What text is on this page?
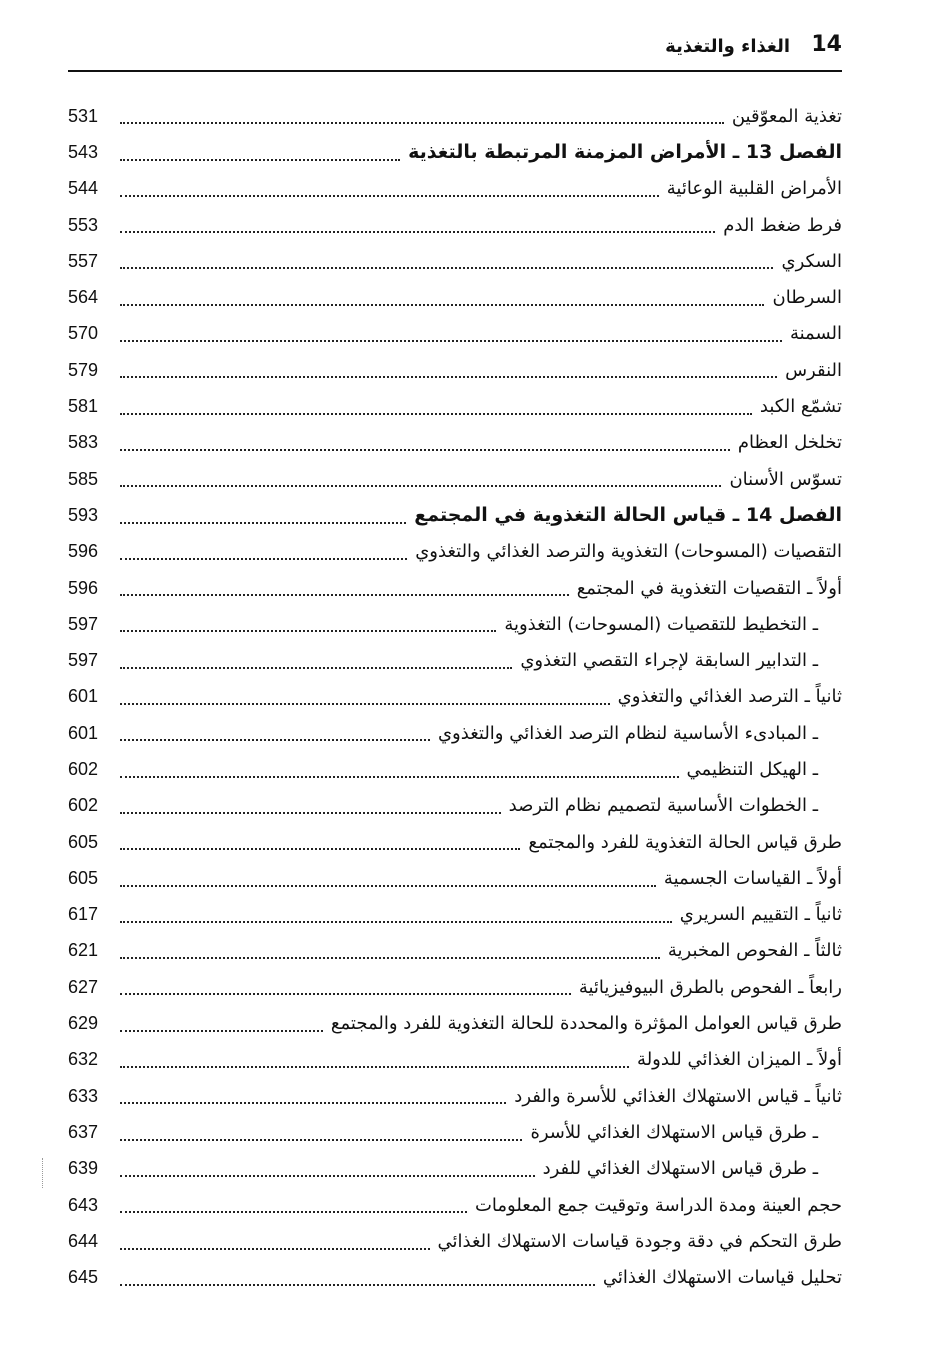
14
الغذاء والتغذية
تغذية المعوّقين
531
الفصل 13 ـ الأمراض المزمنة المرتبطة بالتغذية
543
الأمراض القلبية الوعائية
544
فرط ضغط الدم
553
السكري
557
السرطان
564
السمنة
570
النقرس
579
تشمّع الكبد
581
تخلخل العظام
583
تسوّس الأسنان
585
الفصل 14 ـ قياس الحالة التغذوية في المجتمع
593
التقصيات (المسوحات) التغذوية والترصد الغذائي والتغذوي
596
أولاً ـ التقصيات التغذوية في المجتمع
596
ـ التخطيط للتقصيات (المسوحات) التغذوية
597
ـ التدابير السابقة لإجراء التقصي التغذوي
597
ثانياً ـ الترصد الغذائي والتغذوي
601
ـ المبادىء الأساسية لنظام الترصد الغذائي والتغذوي
601
ـ الهيكل التنظيمي
602
ـ الخطوات الأساسية لتصميم نظام الترصد
602
طرق قياس الحالة التغذوية للفرد والمجتمع
605
أولاً ـ القياسات الجسمية
605
ثانياً ـ التقييم السريري
617
ثالثاً ـ الفحوص المخبرية
621
رابعاً ـ الفحوص بالطرق البيوفيزيائية
627
طرق قياس العوامل المؤثرة والمحددة للحالة التغذوية للفرد والمجتمع
629
أولاً ـ الميزان الغذائي للدولة
632
ثانياً ـ قياس الاستهلاك الغذائي للأسرة والفرد
633
ـ طرق قياس الاستهلاك الغذائي للأسرة
637
ـ طرق قياس الاستهلاك الغذائي للفرد
639
حجم العينة ومدة الدراسة وتوقيت جمع المعلومات
643
طرق التحكم في دقة وجودة قياسات الاستهلاك الغذائي
644
تحليل قياسات الاستهلاك الغذائي
645
